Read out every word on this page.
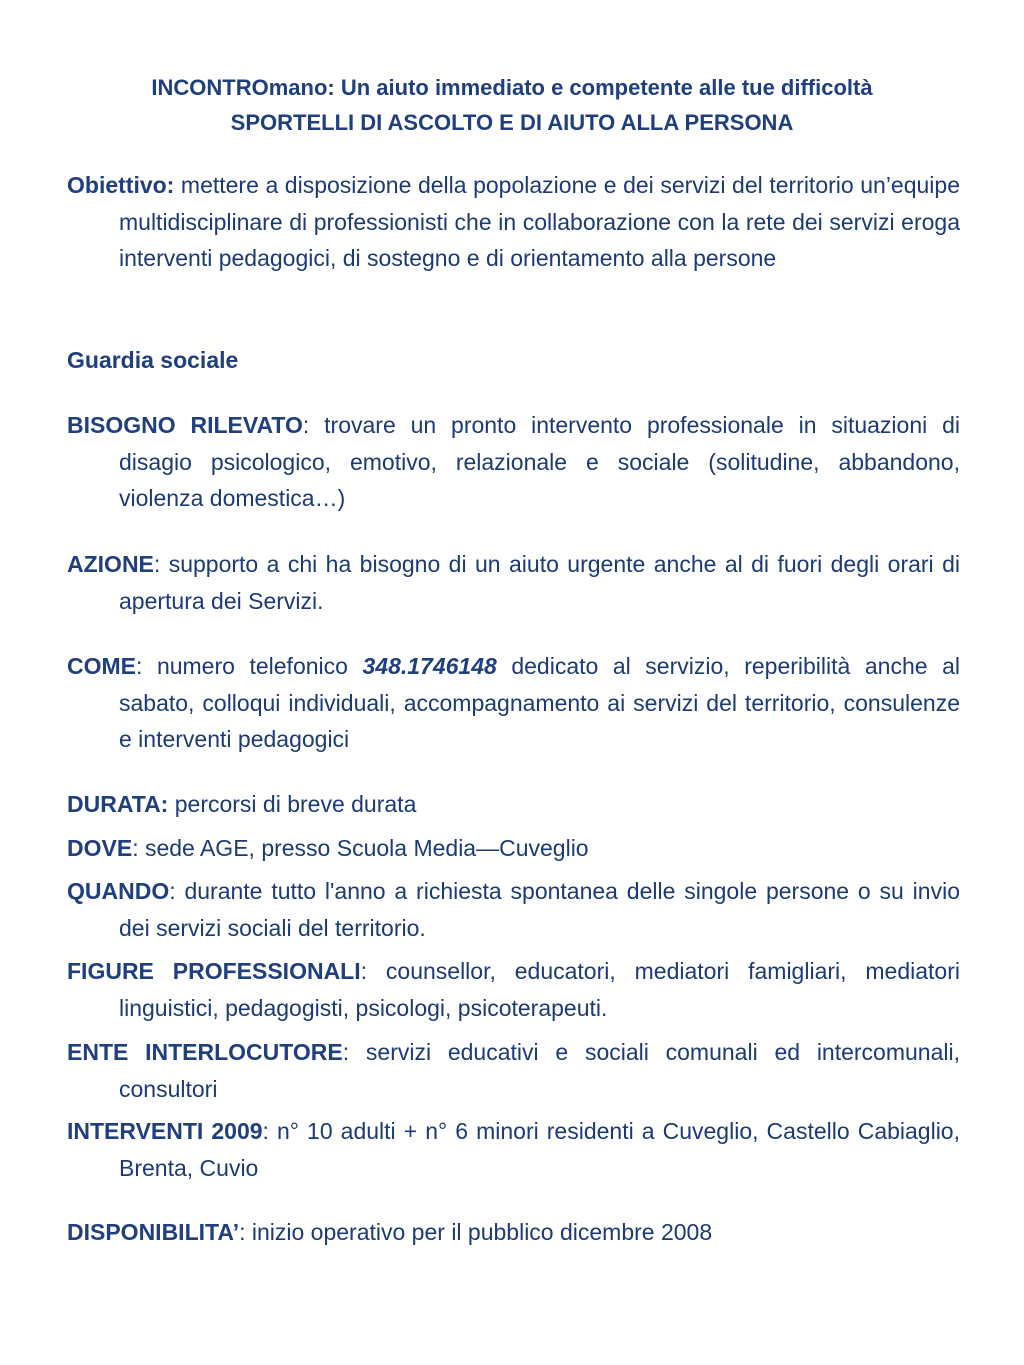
INCONTROmano: Un aiuto immediato e competente alle tue difficoltà
SPORTELLI DI ASCOLTO E DI AIUTO ALLA PERSONA

Obiettivo: mettere a disposizione della popolazione e dei servizi del territorio un’equipe multidisciplinare di professionisti che in collaborazione con la rete dei servizi eroga interventi pedagogici, di sostegno e di orientamento alla persone

Guardia sociale

BISOGNO RILEVATO: trovare un pronto intervento professionale in situazioni di disagio psicologico, emotivo, relazionale e sociale (solitudine, abbandono, violenza domestica…)

AZIONE: supporto a chi ha bisogno di un aiuto urgente anche al di fuori degli orari di apertura dei Servizi.

COME: numero telefonico 348.1746148 dedicato al servizio, reperibilità anche al sabato, colloqui individuali, accompagnamento ai servizi del territorio, consulenze e interventi pedagogici

DURATA: percorsi di breve durata

DOVE: sede AGE, presso Scuola Media—Cuveglio

QUANDO: durante tutto l'anno a richiesta spontanea delle singole persone o su invio dei servizi sociali del territorio.

FIGURE PROFESSIONALI: counsellor, educatori, mediatori famigliari, mediatori linguistici, pedagogisti, psicologi, psicoterapeuti.

ENTE INTERLOCUTORE: servizi educativi e sociali comunali ed intercomunali, consultori

INTERVENTI 2009: n° 10 adulti + n° 6 minori residenti a Cuveglio, Castello Cabiaglio, Brenta, Cuvio

DISPONIBILITA’: inizio operativo per il pubblico dicembre 2008
